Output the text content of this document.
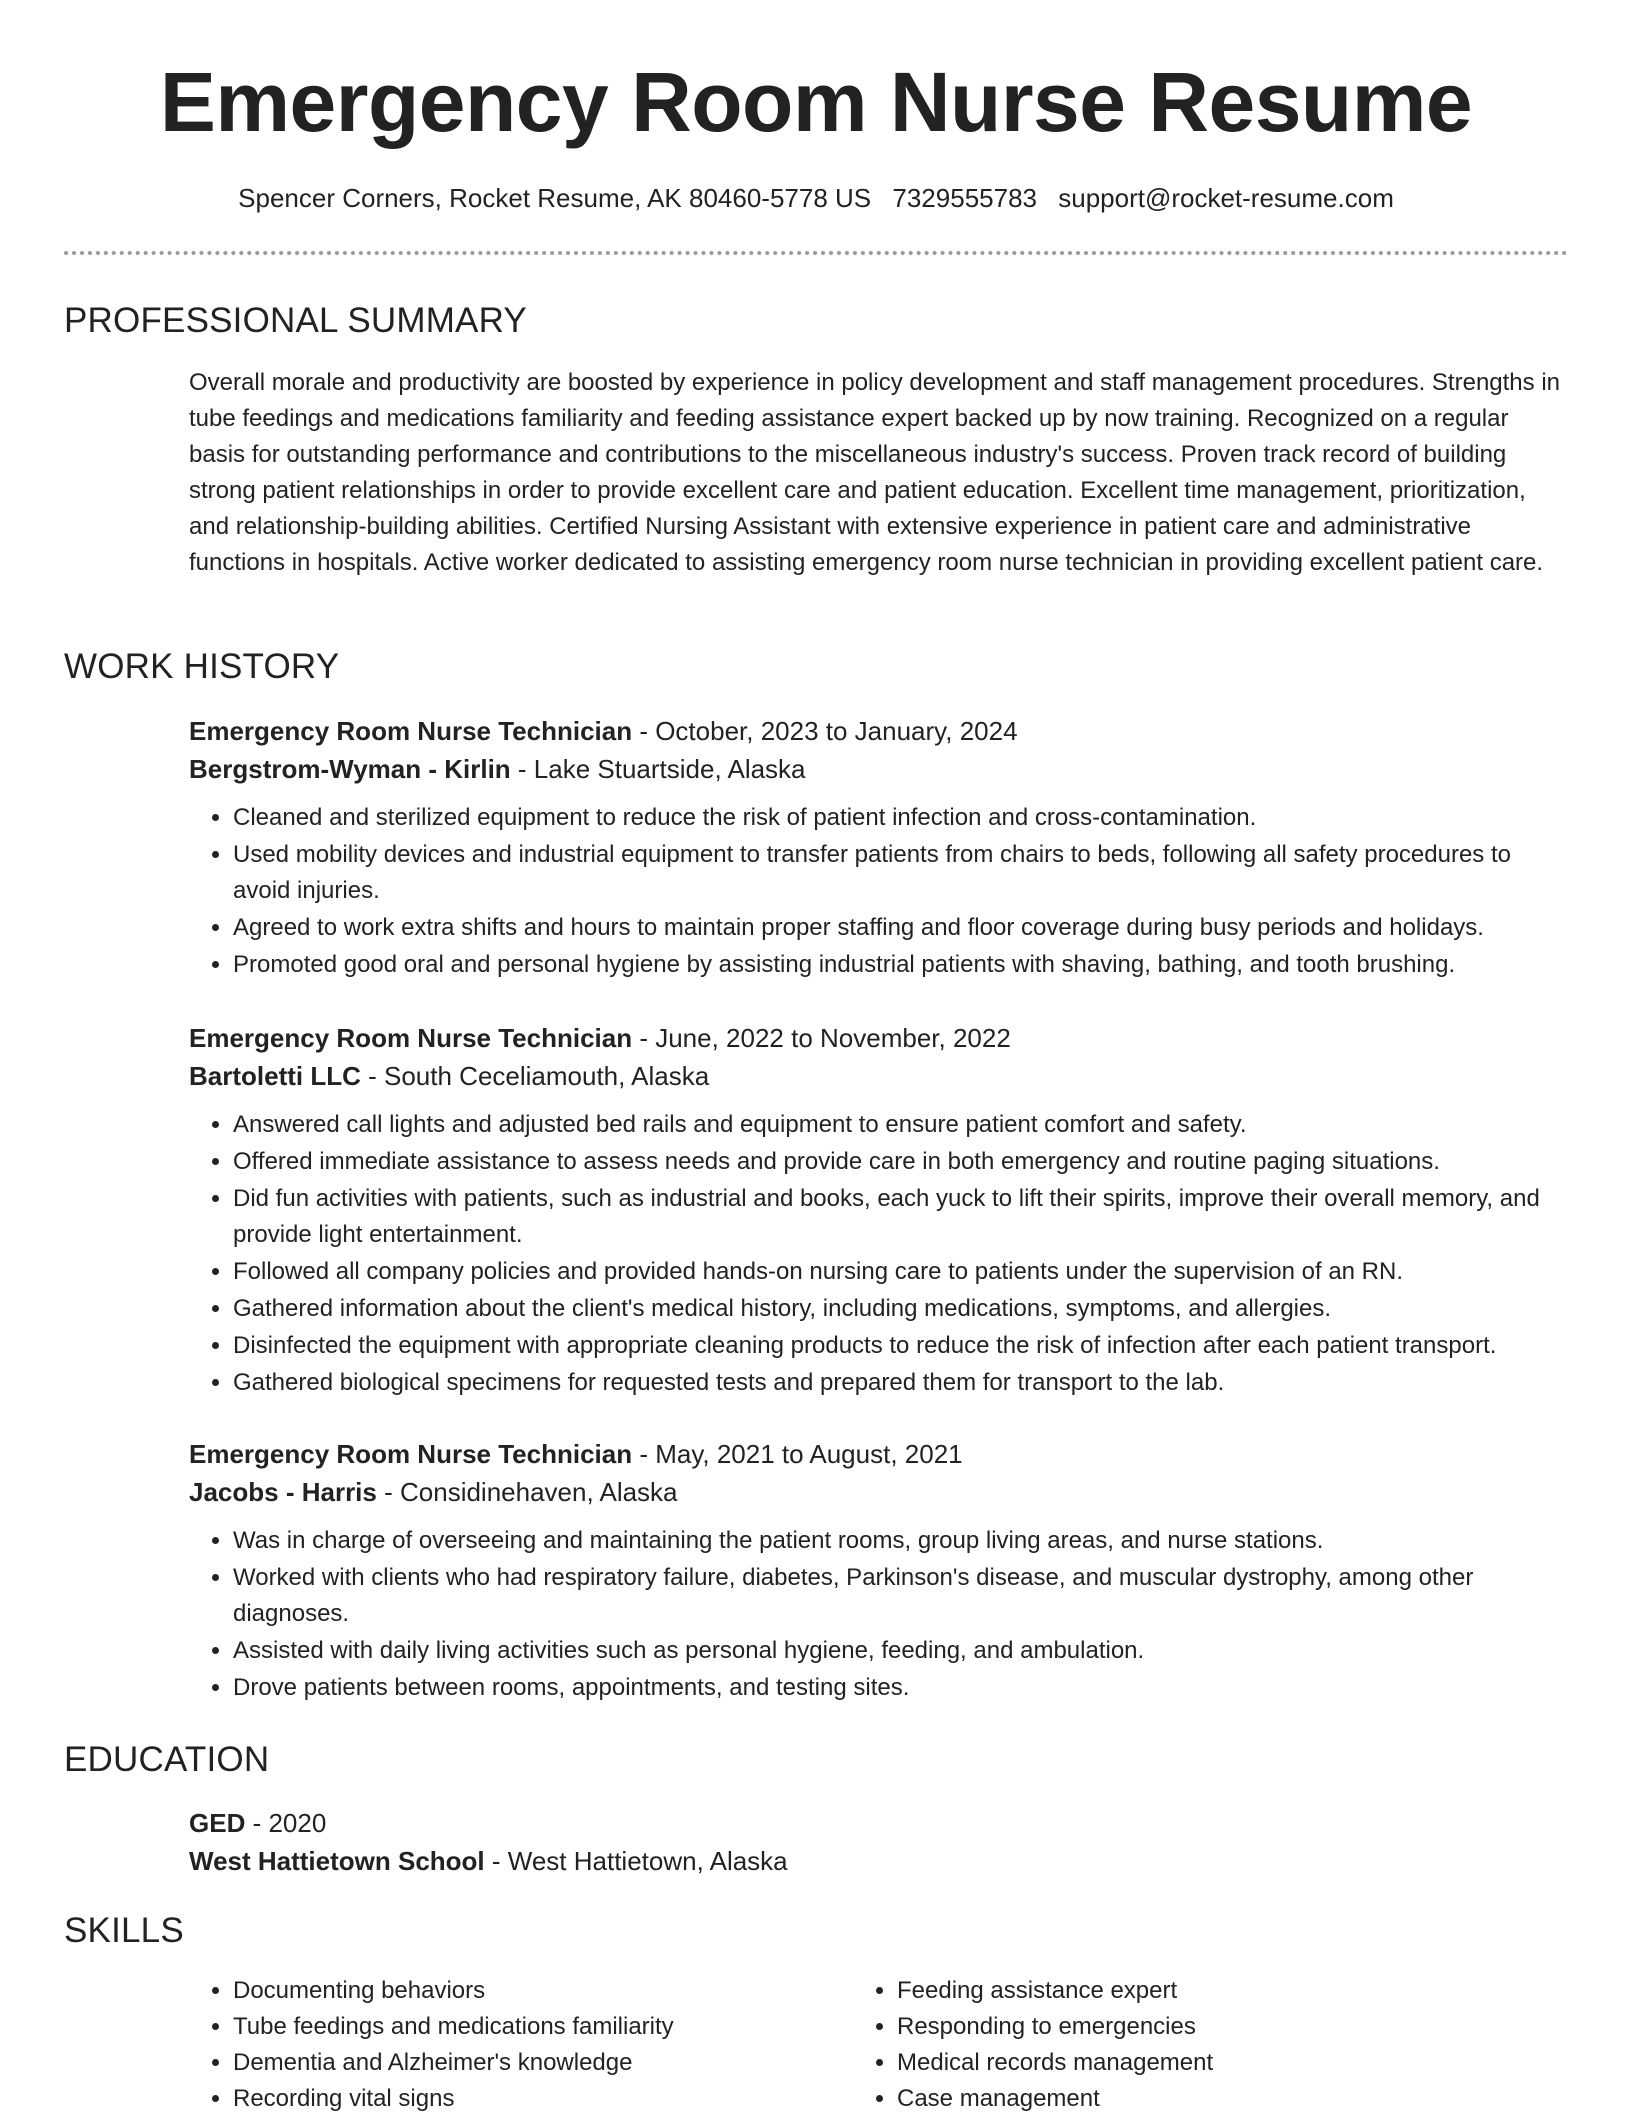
Emergency Room Nurse Resume
Spencer Corners, Rocket Resume, AK 80460-5778 US 7329555783 support@rocket-resume.com
PROFESSIONAL SUMMARY

Overall morale and productivity are boosted by experience in policy development and staff management procedures. Strengths in tube feedings and medications familiarity and feeding assistance expert backed up by now training. Recognized on a regular basis for outstanding performance and contributions to the miscellaneous industry's success. Proven track record of building strong patient relationships in order to provide excellent care and patient education. Excellent time management, prioritization, and relationship-building abilities. Certified Nursing Assistant with extensive experience in patient care and administrative functions in hospitals. Active worker dedicated to assisting emergency room nurse technician in providing excellent patient care.

WORK HISTORY

Emergency Room Nurse Technician - October, 2023 to January, 2024

Bergstrom-Wyman - Kirlin - Lake Stuartside, Alaska

• Cleaned and sterilized equipment to reduce the risk of patient infection and cross-contamination.
• Used mobility devices and industrial equipment to transfer patients from chairs to beds, following all safety procedures to avoid injuries.
• Agreed to work extra shifts and hours to maintain proper staffing and floor coverage during busy periods and holidays.
• Promoted good oral and personal hygiene by assisting industrial patients with shaving, bathing, and tooth brushing.

Emergency Room Nurse Technician - June, 2022 to November, 2022

Bartoletti LLC - South Ceceliamouth, Alaska

• Answered call lights and adjusted bed rails and equipment to ensure patient comfort and safety.
• Offered immediate assistance to assess needs and provide care in both emergency and routine paging situations.
• Did fun activities with patients, such as industrial and books, each yuck to lift their spirits, improve their overall memory, and provide light entertainment.
• Followed all company policies and provided hands-on nursing care to patients under the supervision of an RN.
• Gathered information about the client's medical history, including medications, symptoms, and allergies.
• Disinfected the equipment with appropriate cleaning products to reduce the risk of infection after each patient transport.
• Gathered biological specimens for requested tests and prepared them for transport to the lab.

Emergency Room Nurse Technician - May, 2021 to August, 2021

Jacobs - Harris - Considinehaven, Alaska

• Was in charge of overseeing and maintaining the patient rooms, group living areas, and nurse stations.
• Worked with clients who had respiratory failure, diabetes, Parkinson's disease, and muscular dystrophy, among other diagnoses.
• Assisted with daily living activities such as personal hygiene, feeding, and ambulation.
• Drove patients between rooms, appointments, and testing sites.
EDUCATION

GED - 2020

West Hattietown School - West Hattietown, Alaska

SKILLS
• Documenting behaviors
• Tube feedings and medications familiarity
• Dementia and Alzheimer's knowledge
• Recording vital signs
• Feeding assistance expert
• Responding to emergencies
• Medical records management
• Case management
